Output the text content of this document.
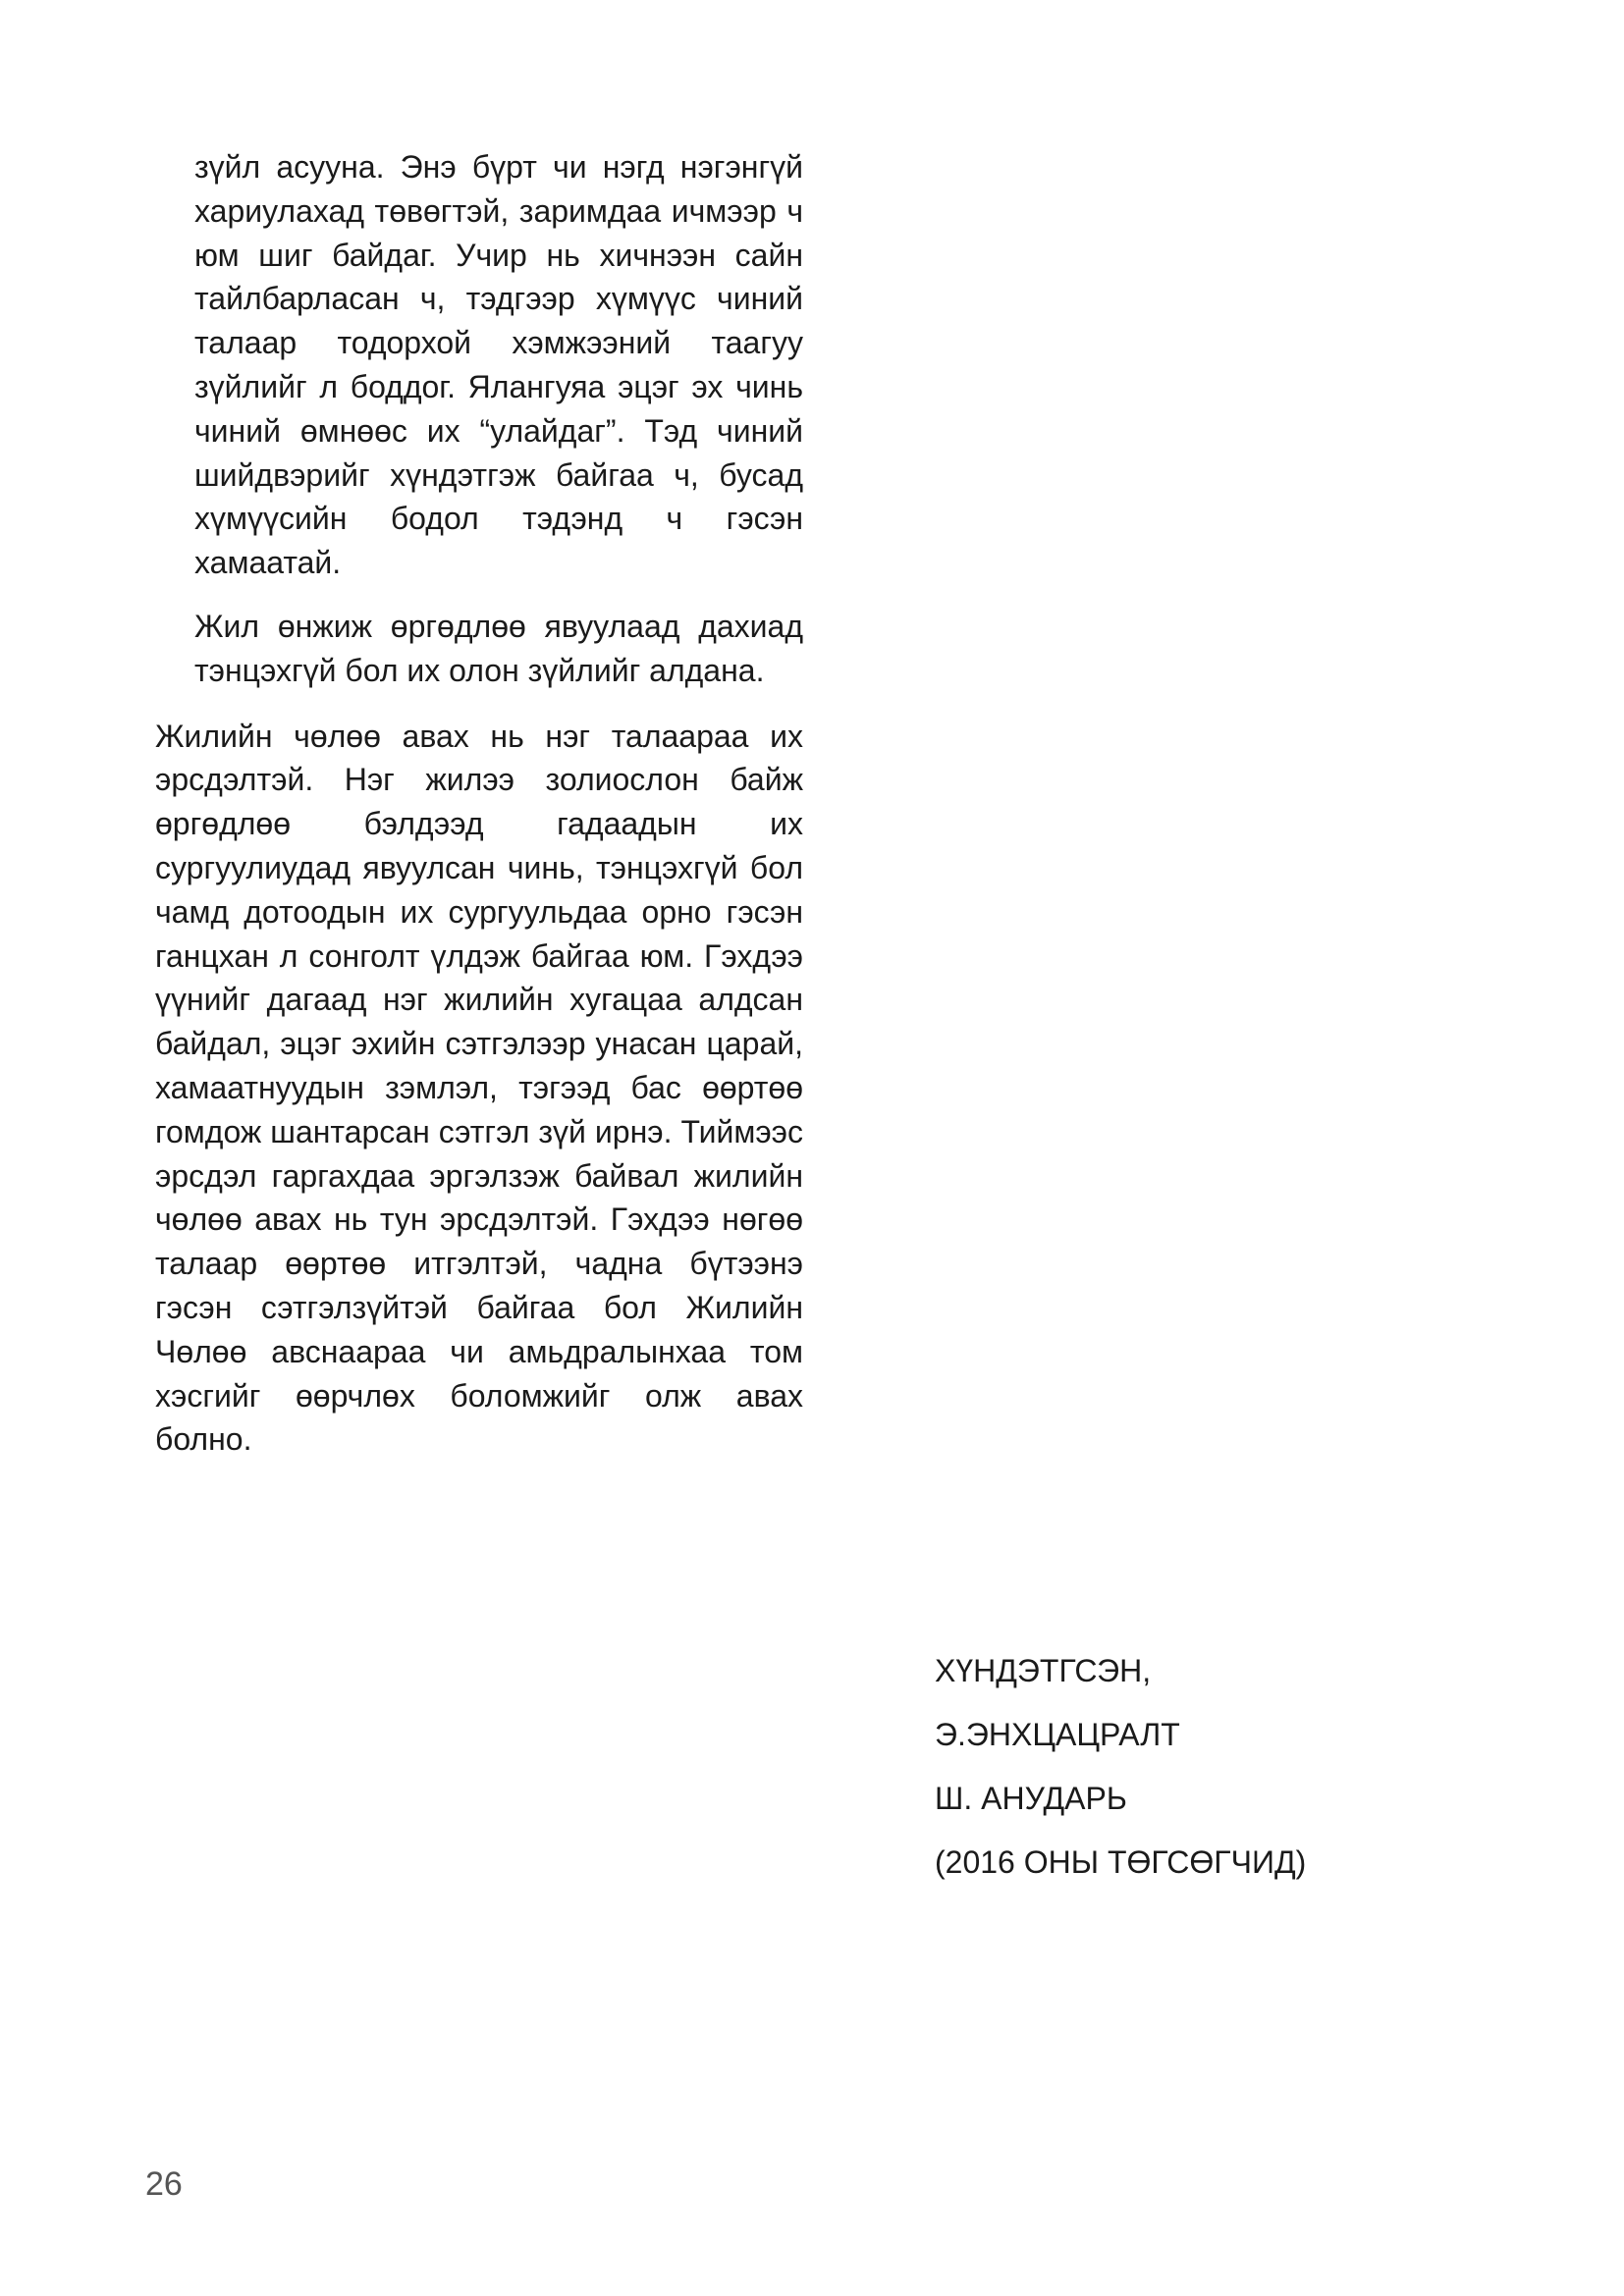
зүйл асууна. Энэ бүрт чи нэгд нэгэнгүй хариулахад төвөгтэй, заримдаа ичмээр ч юм шиг байдаг. Учир нь хичнээн сайн тайлбарласан ч, тэдгээр хүмүүс чиний талаар тодорхой хэмжээний таагуу зүйлийг л боддог. Ялангуяа эцэг эх чинь чиний өмнөөс их “улайдаг”. Тэд чиний шийдвэрийг хүндэтгэж байгаа ч, бусад хүмүүсийн бодол тэдэнд ч гэсэн хамаатай.

Жил өнжиж өргөдлөө явуулаад дахиад тэнцэхгүй бол их олон зүйлийг алдана.

Жилийн чөлөө авах нь нэг талаараа их эрсдэлтэй. Нэг жилээ золиослон байж өргөдлөө бэлдээд гадаадын их сургуулиудад явуулсан чинь, тэнцэхгүй бол чамд дотоодын их сургуульдаа орно гэсэн ганцхан л сонголт үлдэж байгаа юм. Гэхдээ үүнийг дагаад нэг жилийн хугацаа алдсан байдал, эцэг эхийн сэтгэлээр унасан царай, хамаатнуудын зэмлэл, тэгээд бас өөртөө гомдож шантарсан сэтгэл зүй ирнэ. Тиймээс эрсдэл гаргахдаа эргэлзэж байвал жилийн чөлөө авах нь тун эрсдэлтэй. Гэхдээ нөгөө талаар өөртөө итгэлтэй, чадна бүтээнэ гэсэн сэтгэлзүйтэй байгаа бол Жилийн Чөлөө авснаараа чи амьдралынхаа том хэсгийг өөрчлөх боломжийг олж авах болно.

ХҮНДЭТГСЭН,

Э.ЭНХЦАЦРАЛТ

Ш. АНУДАРЬ

(2016 ОНЫ ТӨГСӨГЧИД)

26
